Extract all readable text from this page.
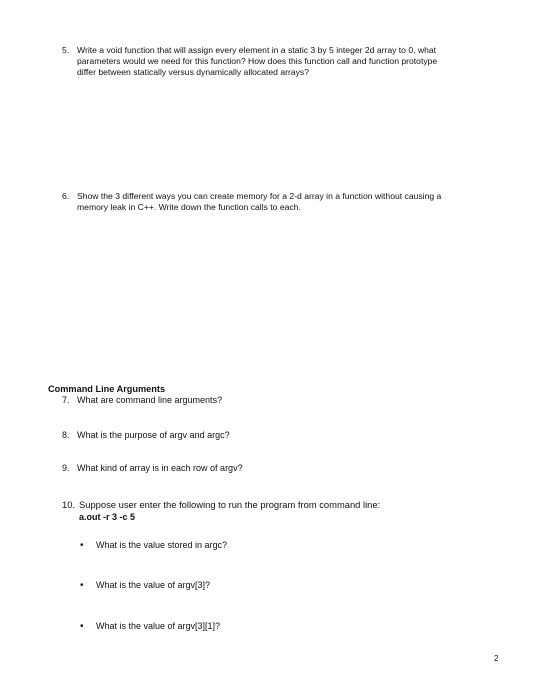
5. Write a void function that will assign every element in a static 3 by 5 integer 2d array to 0, what
parameters would we need for this function? How does this function call and function prototype
differ between statically versus dynamically allocated arrays?
6. Show the 3 different ways you can create memory for a 2-d array in a function without causing a
memory leak in C++. Write down the function calls to each.
Command Line Arguments
7. What are command line arguments?
8. What is the purpose of argv and argc?
9. What kind of array is in each row of argv?
10. Suppose user enter the following to run the program from command line:
a.out -r 3 -c 5
• What is the value stored in argc?
• What is the value of argv[3]?
• What is the value of argv[3][1]?
2
